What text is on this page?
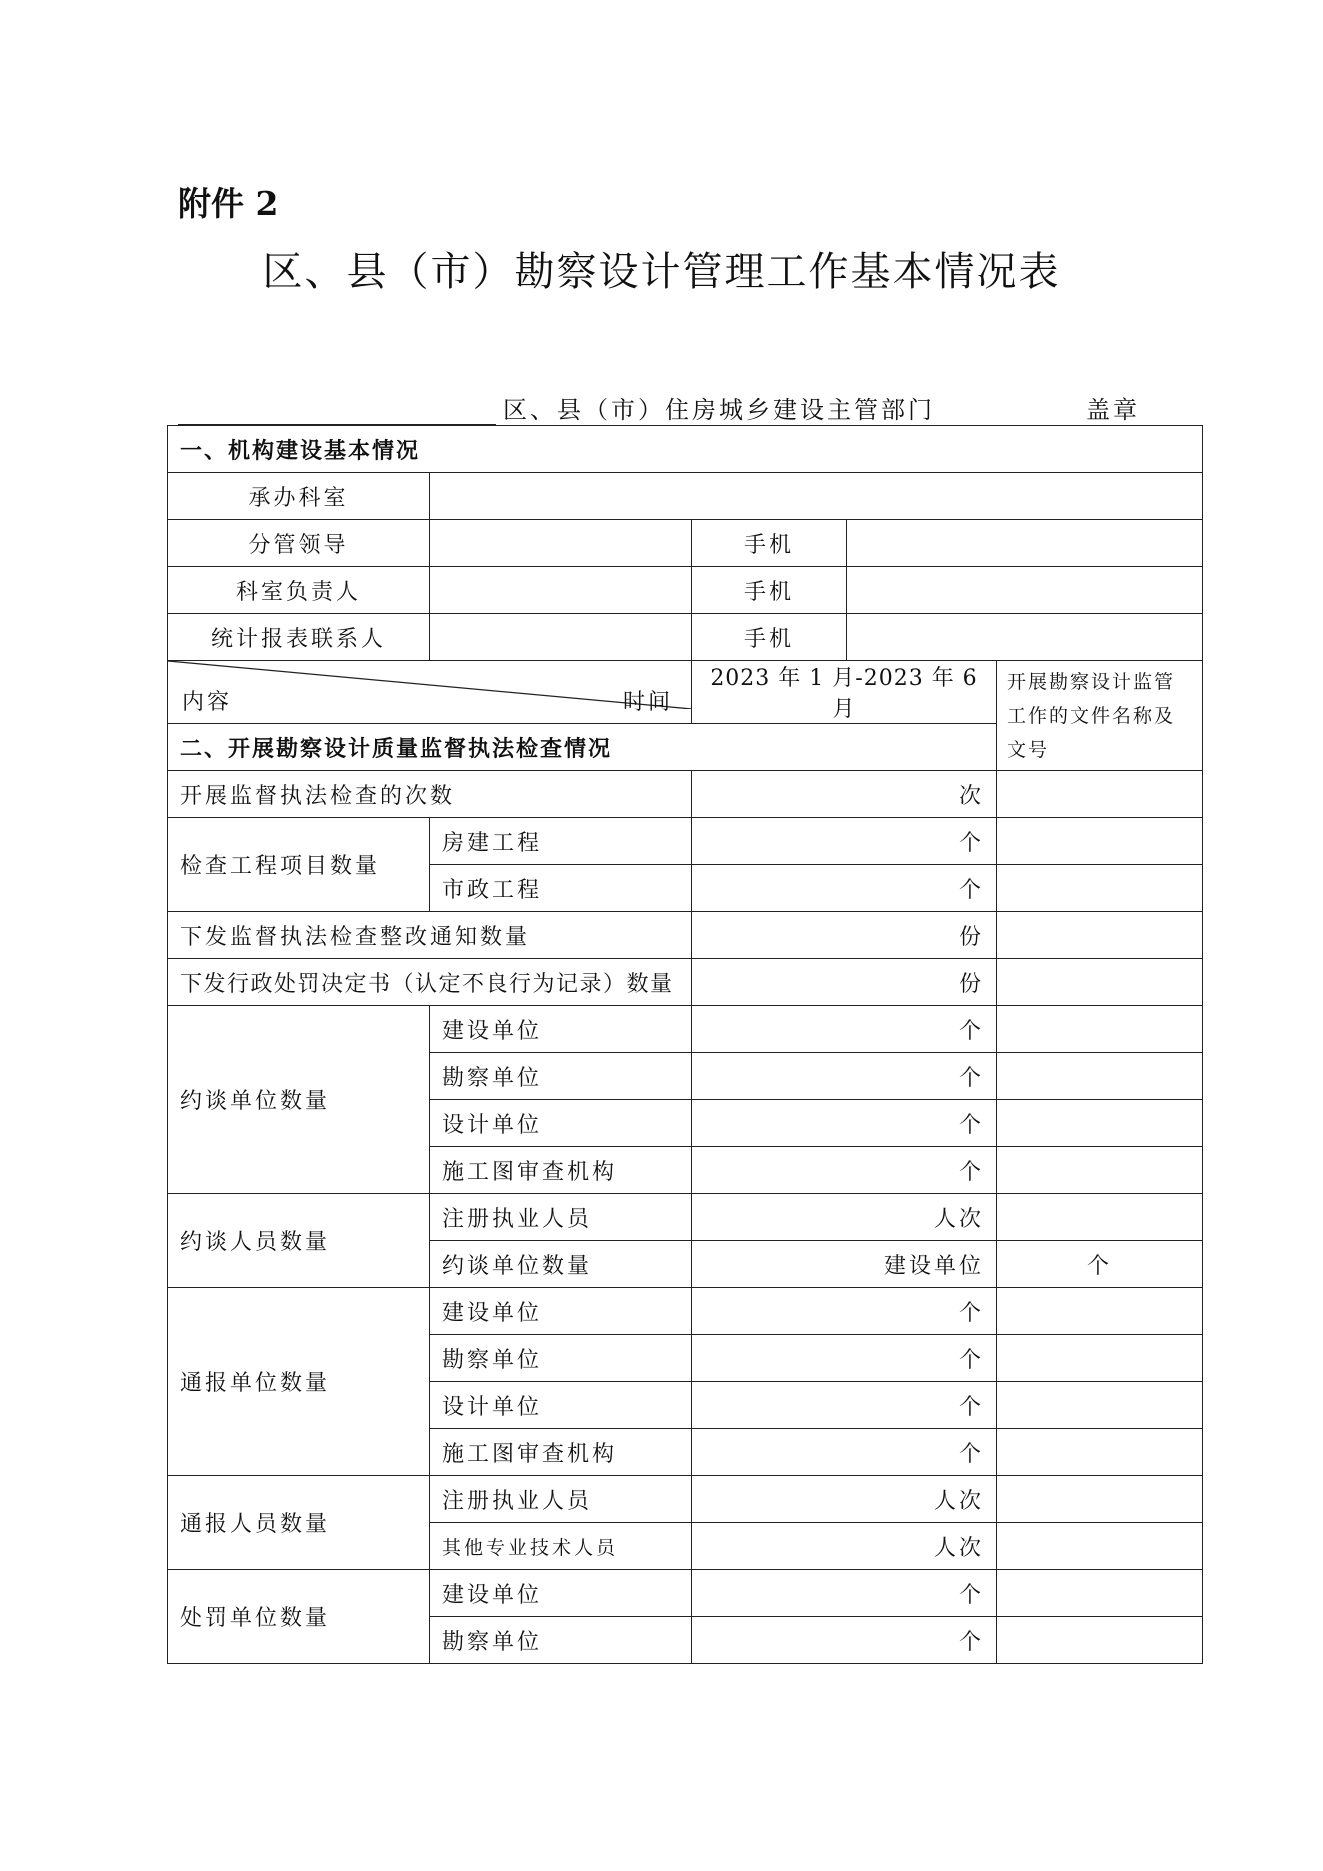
附件 2
区、县（市）勘察设计管理工作基本情况表
区、县（市）住房城乡建设主管部门	盖章
一、机构建设基本情况				
承办科室				
分管领导		手机		
科室负责人		手机		
统计报表联系人		手机		

内容 时间		2023 年 1 月-2023 年 6 月		开展勘察设计监管工作的文件名称及文号
二、开展勘察设计质量监督执法检查情况				
开展监督执法检查的次数		次		
检查工程项目数量	房建工程	个		
	市政工程	个		
下发监督执法检查整改通知数量		份		
下发行政处罚决定书（认定不良行为记录）数量		份		
约谈单位数量	建设单位	个		
	勘察单位	个		
	设计单位	个		
	施工图审查机构	个		
约谈人员数量	注册执业人员	人次		
	约谈单位数量	建设单位		个
通报单位数量	建设单位	个		
	勘察单位	个		
	设计单位	个		
	施工图审查机构	个		
通报人员数量	注册执业人员	人次		
	其他专业技术人员	人次		
处罚单位数量	建设单位	个		
	勘察单位	个		
